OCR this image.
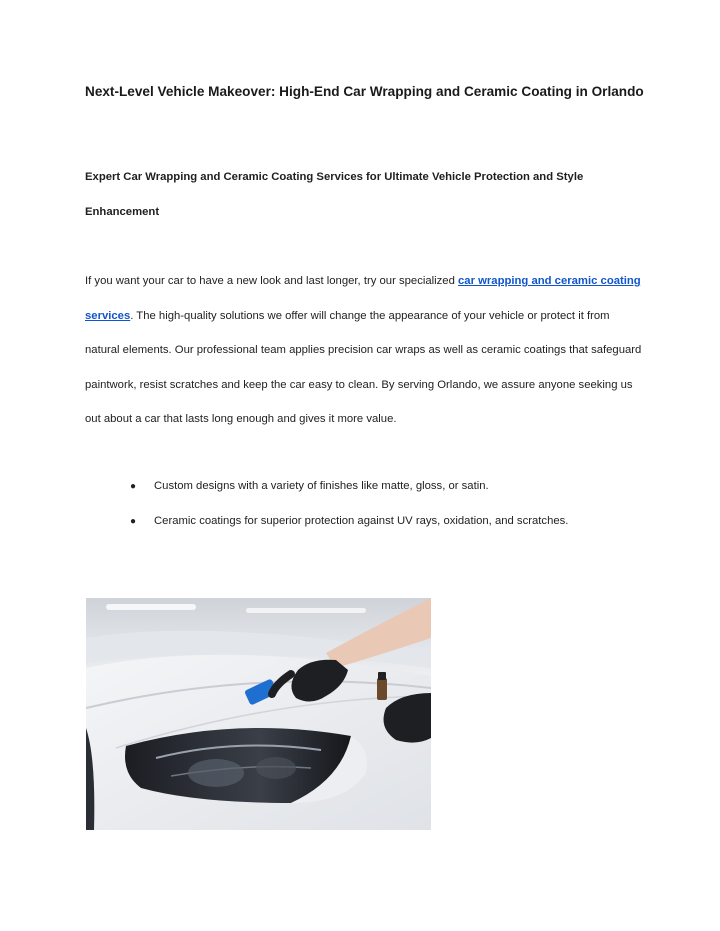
Next-Level Vehicle Makeover: High-End Car Wrapping and Ceramic Coating in Orlando
Expert Car Wrapping and Ceramic Coating Services for Ultimate Vehicle Protection and Style Enhancement

If you want your car to have a new look and last longer, try our specialized car wrapping and ceramic coating services. The high-quality solutions we offer will change the appearance of your vehicle or protect it from natural elements. Our professional team applies precision car wraps as well as ceramic coatings that safeguard paintwork, resist scratches and keep the car easy to clean. By serving Orlando, we assure anyone seeking us out about a car that lasts long enough and gives it more value.

● Custom designs with a variety of finishes like matte, gloss, or satin.
● Ceramic coatings for superior protection against UV rays, oxidation, and scratches.
